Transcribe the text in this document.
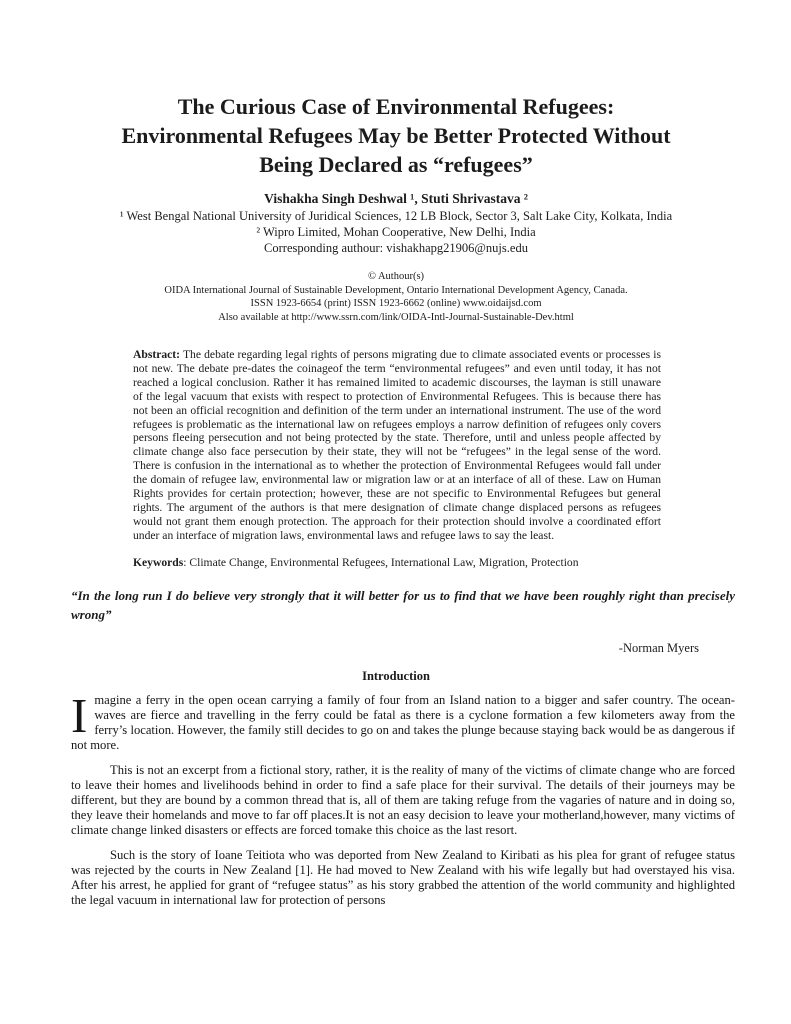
The Curious Case of Environmental Refugees:
Environmental Refugees May be Better Protected Without
Being Declared as “refugees”
Vishakha Singh Deshwal ¹, Stuti Shrivastava ²
¹ West Bengal National University of Juridical Sciences, 12 LB Block, Sector 3, Salt Lake City, Kolkata, India
² Wipro Limited, Mohan Cooperative, New Delhi, India
Corresponding authour: vishakhapg21906@nujs.edu
© Authour(s)
OIDA International Journal of Sustainable Development, Ontario International Development Agency, Canada.
ISSN 1923-6654 (print) ISSN 1923-6662 (online) www.oidaijsd.com
Also available at http://www.ssrn.com/link/OIDA-Intl-Journal-Sustainable-Dev.html

Abstract: The debate regarding legal rights of persons migrating due to climate associated events or processes is not new. The debate pre-dates the coinageof the term “environmental refugees” and even until today, it has not reached a logical conclusion. Rather it has remained limited to academic discourses, the layman is still unaware of the legal vacuum that exists with respect to protection of Environmental Refugees. This is because there has not been an official recognition and definition of the term under an international instrument. The use of the word refugees is problematic as the international law on refugees employs a narrow definition of refugees only covers persons fleeing persecution and not being protected by the state. Therefore, until and unless people affected by climate change also face persecution by their state, they will not be “refugees” in the legal sense of the word. There is confusion in the international as to whether the protection of Environmental Refugees would fall under the domain of refugee law, environmental law or migration law or at an interface of all of these. Law on Human Rights provides for certain protection; however, these are not specific to Environmental Refugees but general rights. The argument of the authors is that mere designation of climate change displaced persons as refugees would not grant them enough protection. The approach for their protection should involve a coordinated effort under an interface of migration laws, environmental laws and refugee laws to say the least.

Keywords: Climate Change, Environmental Refugees, International Law, Migration, Protection

“In the long run I do believe very strongly that it will better for us to find that we have been roughly right than precisely wrong”

-Norman Myers
Introduction

Imagine a ferry in the open ocean carrying a family of four from an Island nation to a bigger and safer country. The ocean-waves are fierce and travelling in the ferry could be fatal as there is a cyclone formation a few kilometers away from the ferry’s location. However, the family still decides to go on and takes the plunge because staying back would be as dangerous if not more.

This is not an excerpt from a fictional story, rather, it is the reality of many of the victims of climate change who are forced to leave their homes and livelihoods behind in order to find a safe place for their survival. The details of their journeys may be different, but they are bound by a common thread that is, all of them are taking refuge from the vagaries of nature and in doing so, they leave their homelands and move to far off places.It is not an easy decision to leave your motherland,however, many victims of climate change linked disasters or effects are forced tomake this choice as the last resort.

Such is the story of Ioane Teitiota who was deported from New Zealand to Kiribati as his plea for grant of refugee status was rejected by the courts in New Zealand [1]. He had moved to New Zealand with his wife legally but had overstayed his visa. After his arrest, he applied for grant of “refugee status” as his story grabbed the attention of the world community and highlighted the legal vacuum in international law for protection of persons
